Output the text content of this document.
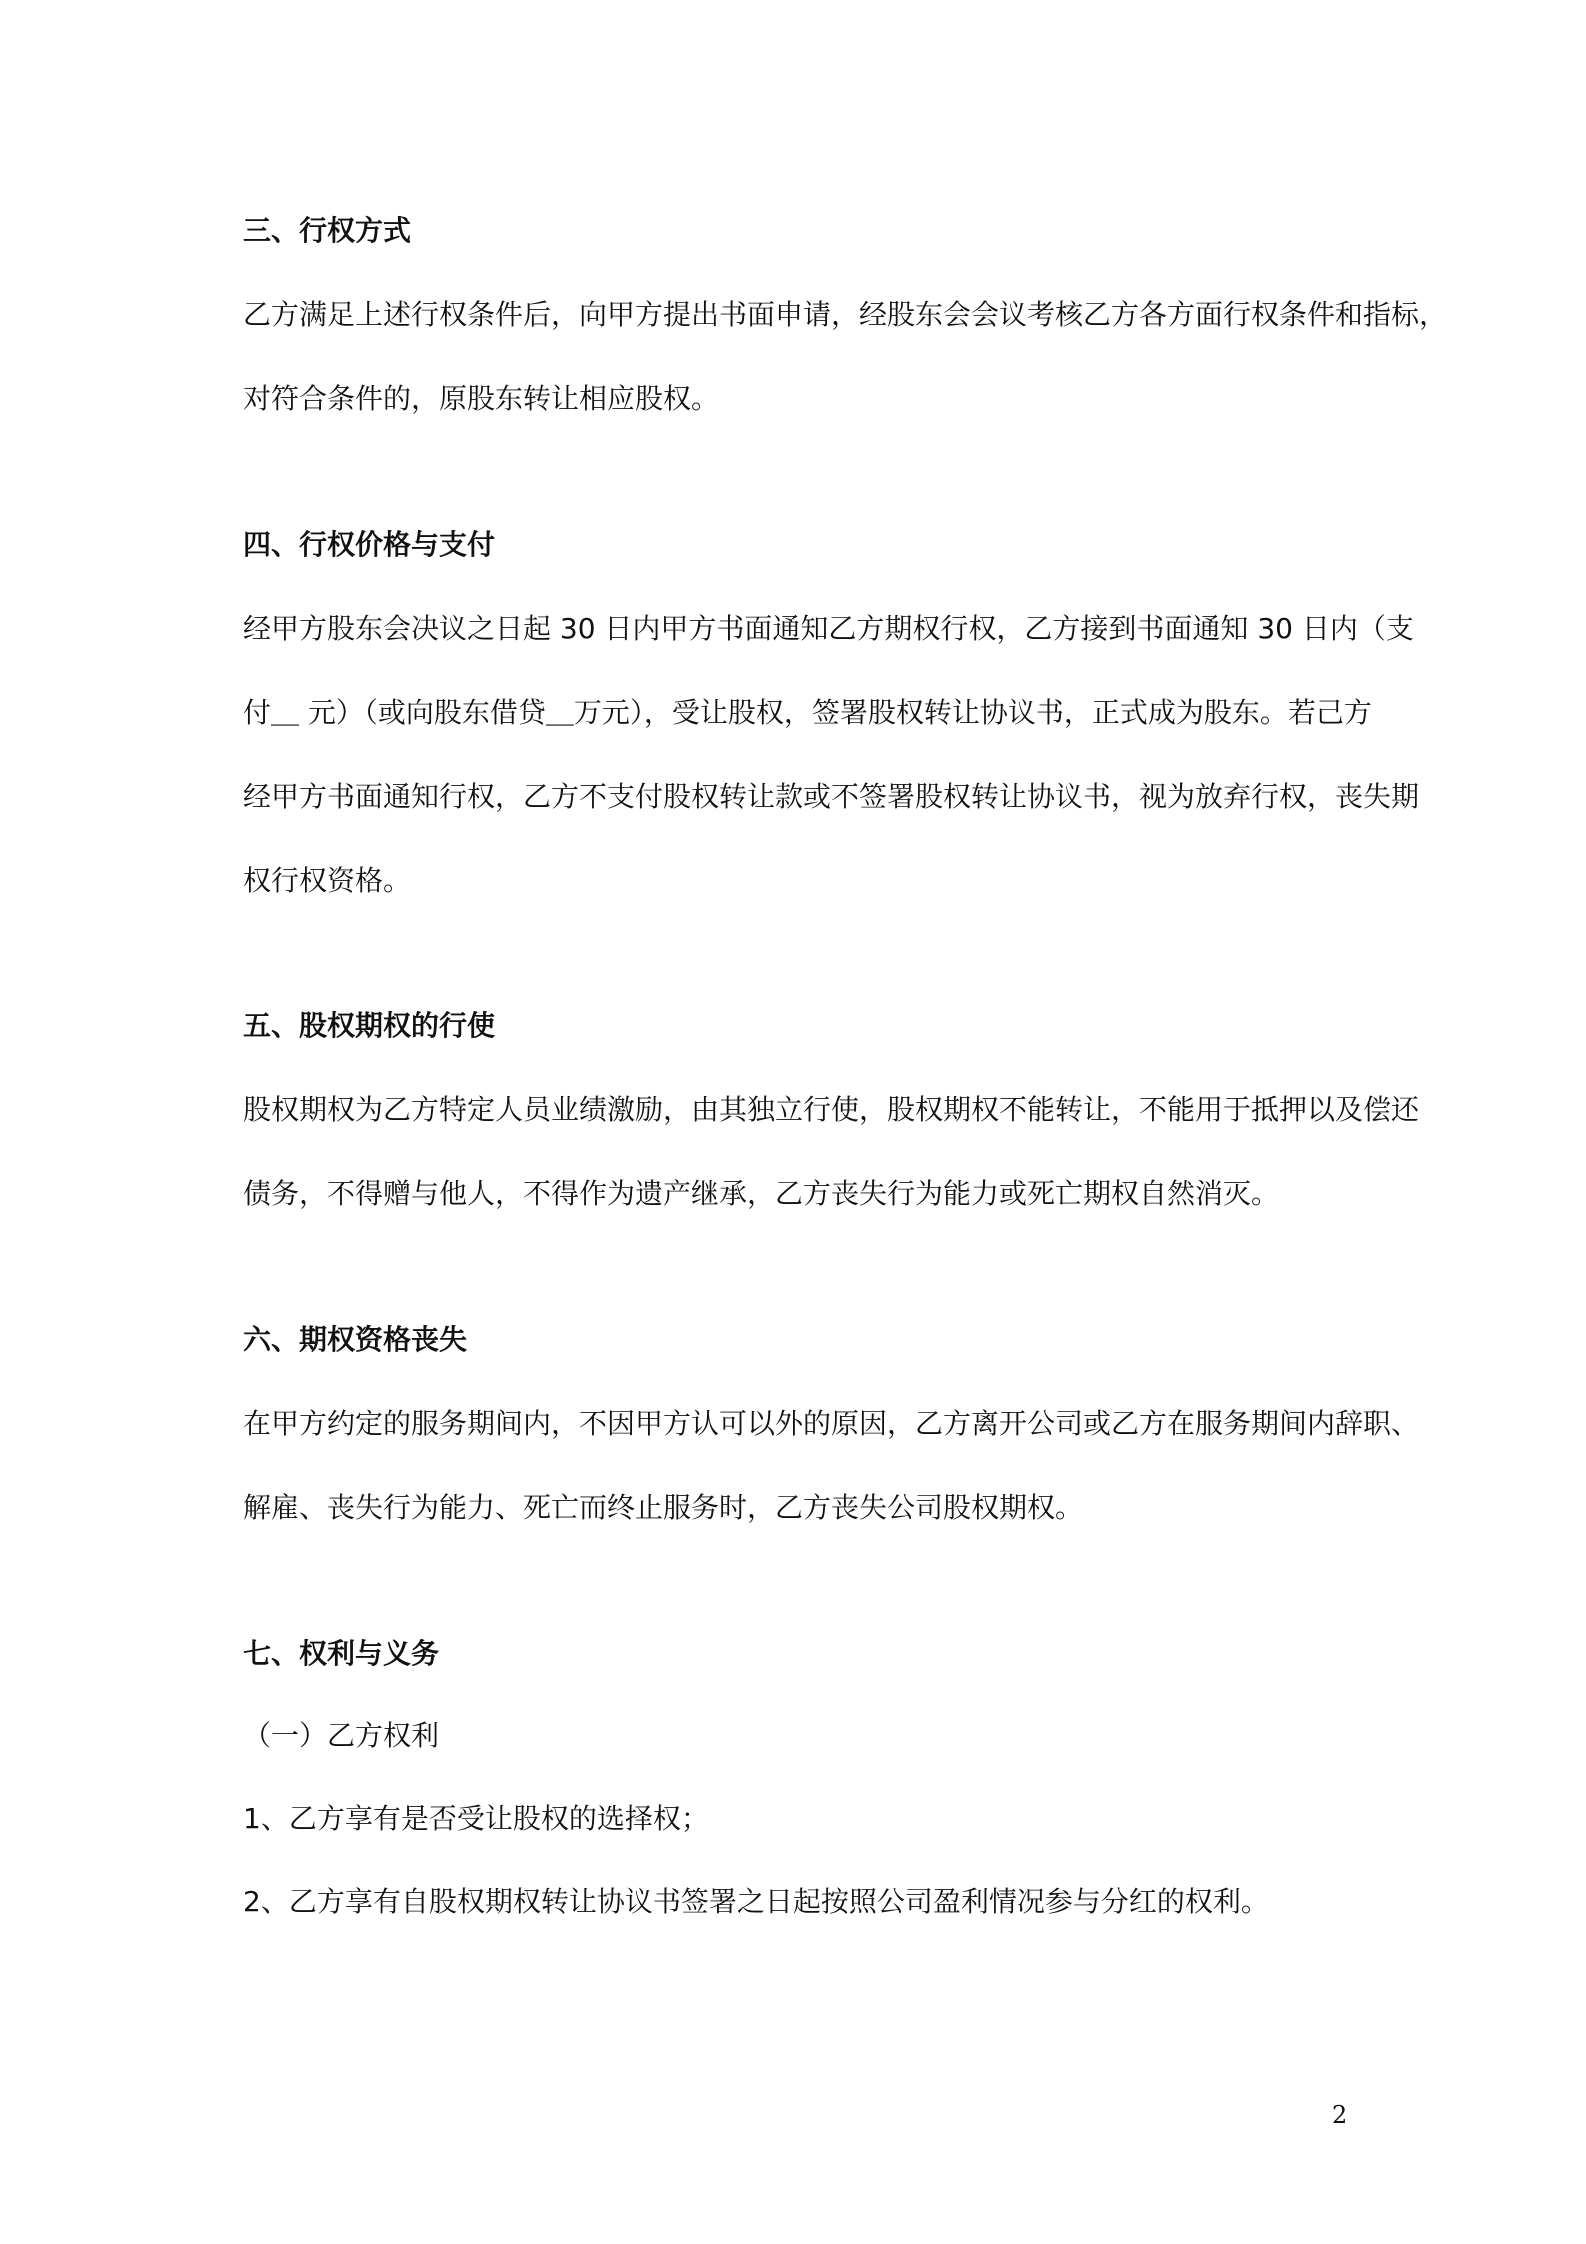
三、行权方式
乙方满足上述行权条件后，向甲方提出书面申请，经股东会会议考核乙方各方面行权条件和指标，
对符合条件的，原股东转让相应股权。
四、行权价格与支付
经甲方股东会决议之日起 30 日内甲方书面通知乙方期权行权，乙方接到书面通知 30 日内（支
付＿ 元）（或向股东借贷＿万元），受让股权，签署股权转让协议书，正式成为股东。若己方
经甲方书面通知行权，乙方不支付股权转让款或不签署股权转让协议书，视为放弃行权，丧失期
权行权资格。
五、股权期权的行使
股权期权为乙方特定人员业绩激励，由其独立行使，股权期权不能转让，不能用于抵押以及偿还
债务，不得赠与他人，不得作为遗产继承，乙方丧失行为能力或死亡期权自然消灭。
六、期权资格丧失
在甲方约定的服务期间内，不因甲方认可以外的原因，乙方离开公司或乙方在服务期间内辞职、
解雇、丧失行为能力、死亡而终止服务时，乙方丧失公司股权期权。
七、权利与义务
（一）乙方权利
1、乙方享有是否受让股权的选择权；
2、乙方享有自股权期权转让协议书签署之日起按照公司盈利情况参与分红的权利。
2
